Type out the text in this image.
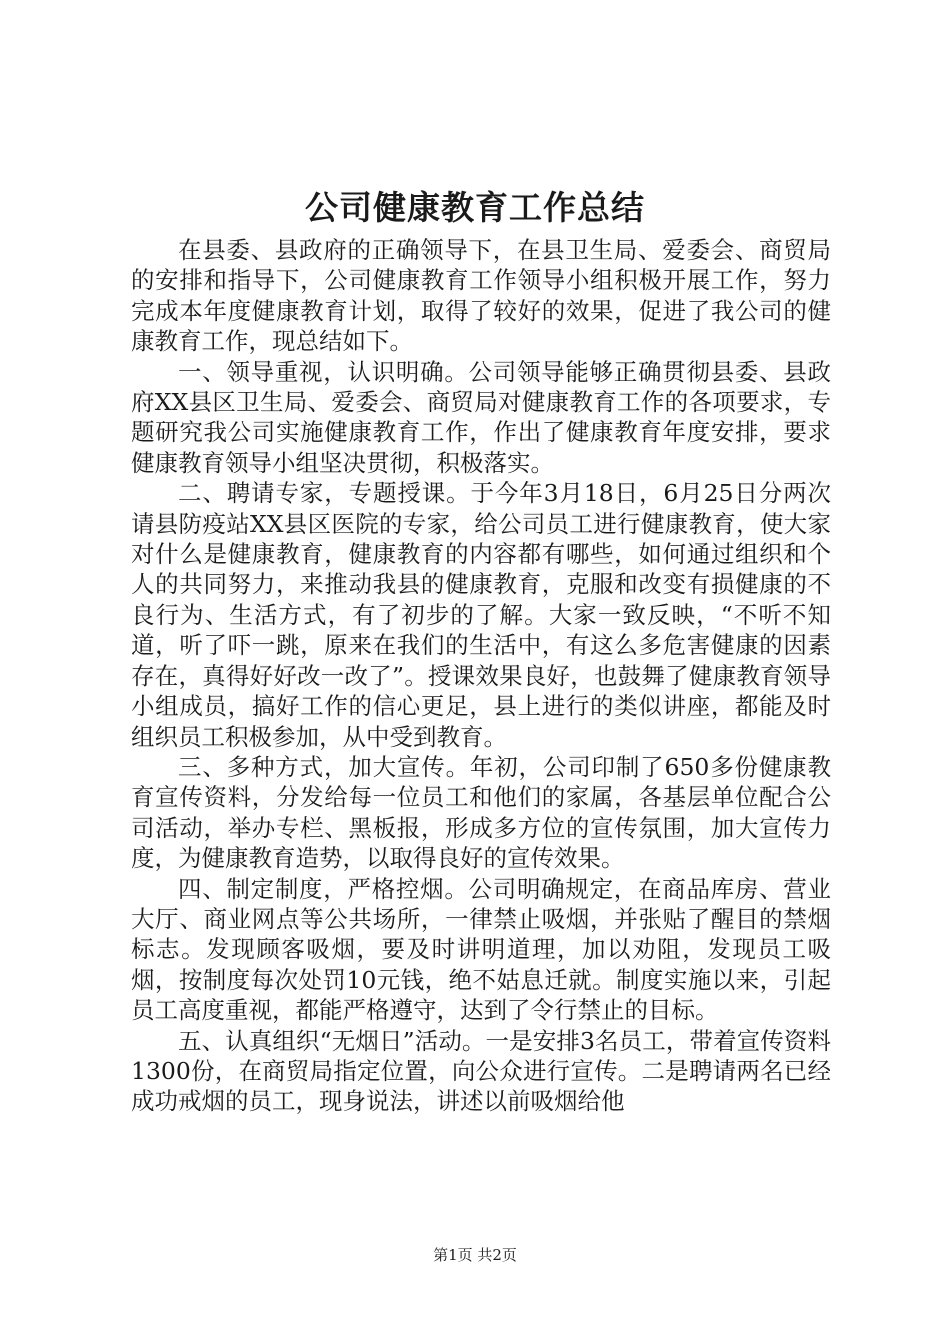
公司健康教育工作总结

在县委、县政府的正确领导下，在县卫生局、爱委会、商贸局的安排和指导下，公司健康教育工作领导小组积极开展工作，努力完成本年度健康教育计划，取得了较好的效果，促进了我公司的健康教育工作，现总结如下。

一、领导重视，认识明确。公司领导能够正确贯彻县委、县政府XX县区卫生局、爱委会、商贸局对健康教育工作的各项要求，专题研究我公司实施健康教育工作，作出了健康教育年度安排，要求健康教育领导小组坚决贯彻，积极落实。

二、聘请专家，专题授课。于今年3月18日，6月25日分两次请县防疫站XX县区医院的专家，给公司员工进行健康教育，使大家对什么是健康教育，健康教育的内容都有哪些，如何通过组织和个人的共同努力，来推动我县的健康教育，克服和改变有损健康的不良行为、生活方式，有了初步的了解。大家一致反映，“不听不知道，听了吓一跳，原来在我们的生活中，有这么多危害健康的因素存在，真得好好改一改了”。授课效果良好，也鼓舞了健康教育领导小组成员，搞好工作的信心更足，县上进行的类似讲座，都能及时组织员工积极参加，从中受到教育。

三、多种方式，加大宣传。年初，公司印制了650多份健康教育宣传资料，分发给每一位员工和他们的家属，各基层单位配合公司活动，举办专栏、黑板报，形成多方位的宣传氛围，加大宣传力度，为健康教育造势，以取得良好的宣传效果。

四、制定制度，严格控烟。公司明确规定，在商品库房、营业大厅、商业网点等公共场所，一律禁止吸烟，并张贴了醒目的禁烟标志。发现顾客吸烟，要及时讲明道理，加以劝阻，发现员工吸烟，按制度每次处罚10元钱，绝不姑息迁就。制度实施以来，引起员工高度重视，都能严格遵守，达到了令行禁止的目标。

五、认真组织“无烟日”活动。一是安排3名员工，带着宣传资料1300份，在商贸局指定位置，向公众进行宣传。二是聘请两名已经成功戒烟的员工，现身说法，讲述以前吸烟给他

第1页 共2页
